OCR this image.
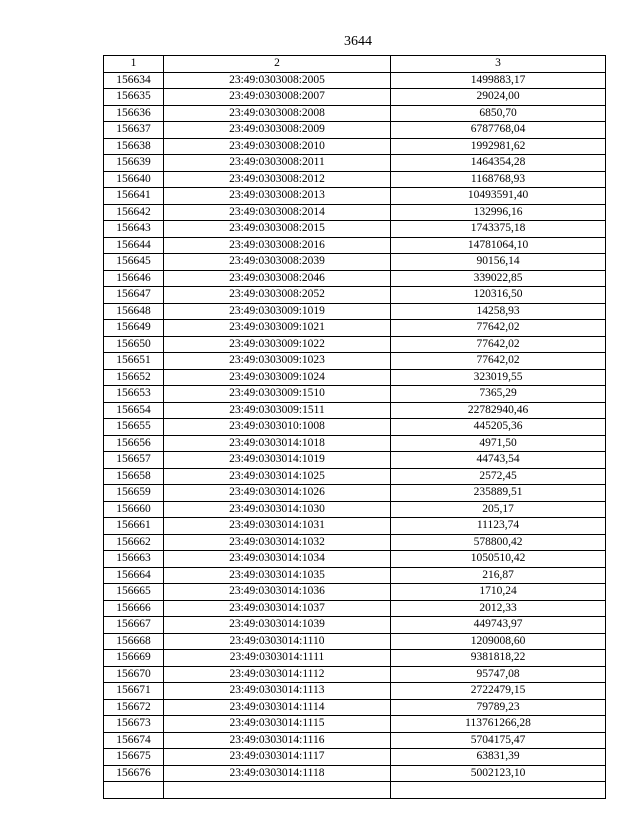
3644
1	2	3
156634	23:49:0303008:2005	1499883,17
156635	23:49:0303008:2007	29024,00
156636	23:49:0303008:2008	6850,70
156637	23:49:0303008:2009	6787768,04
156638	23:49:0303008:2010	1992981,62
156639	23:49:0303008:2011	1464354,28
156640	23:49:0303008:2012	1168768,93
156641	23:49:0303008:2013	10493591,40
156642	23:49:0303008:2014	132996,16
156643	23:49:0303008:2015	1743375,18
156644	23:49:0303008:2016	14781064,10
156645	23:49:0303008:2039	90156,14
156646	23:49:0303008:2046	339022,85
156647	23:49:0303008:2052	120316,50
156648	23:49:0303009:1019	14258,93
156649	23:49:0303009:1021	77642,02
156650	23:49:0303009:1022	77642,02
156651	23:49:0303009:1023	77642,02
156652	23:49:0303009:1024	323019,55
156653	23:49:0303009:1510	7365,29
156654	23:49:0303009:1511	22782940,46
156655	23:49:0303010:1008	445205,36
156656	23:49:0303014:1018	4971,50
156657	23:49:0303014:1019	44743,54
156658	23:49:0303014:1025	2572,45
156659	23:49:0303014:1026	235889,51
156660	23:49:0303014:1030	205,17
156661	23:49:0303014:1031	11123,74
156662	23:49:0303014:1032	578800,42
156663	23:49:0303014:1034	1050510,42
156664	23:49:0303014:1035	216,87
156665	23:49:0303014:1036	1710,24
156666	23:49:0303014:1037	2012,33
156667	23:49:0303014:1039	449743,97
156668	23:49:0303014:1110	1209008,60
156669	23:49:0303014:1111	9381818,22
156670	23:49:0303014:1112	95747,08
156671	23:49:0303014:1113	2722479,15
156672	23:49:0303014:1114	79789,23
156673	23:49:0303014:1115	113761266,28
156674	23:49:0303014:1116	5704175,47
156675	23:49:0303014:1117	63831,39
156676	23:49:0303014:1118	5002123,10
